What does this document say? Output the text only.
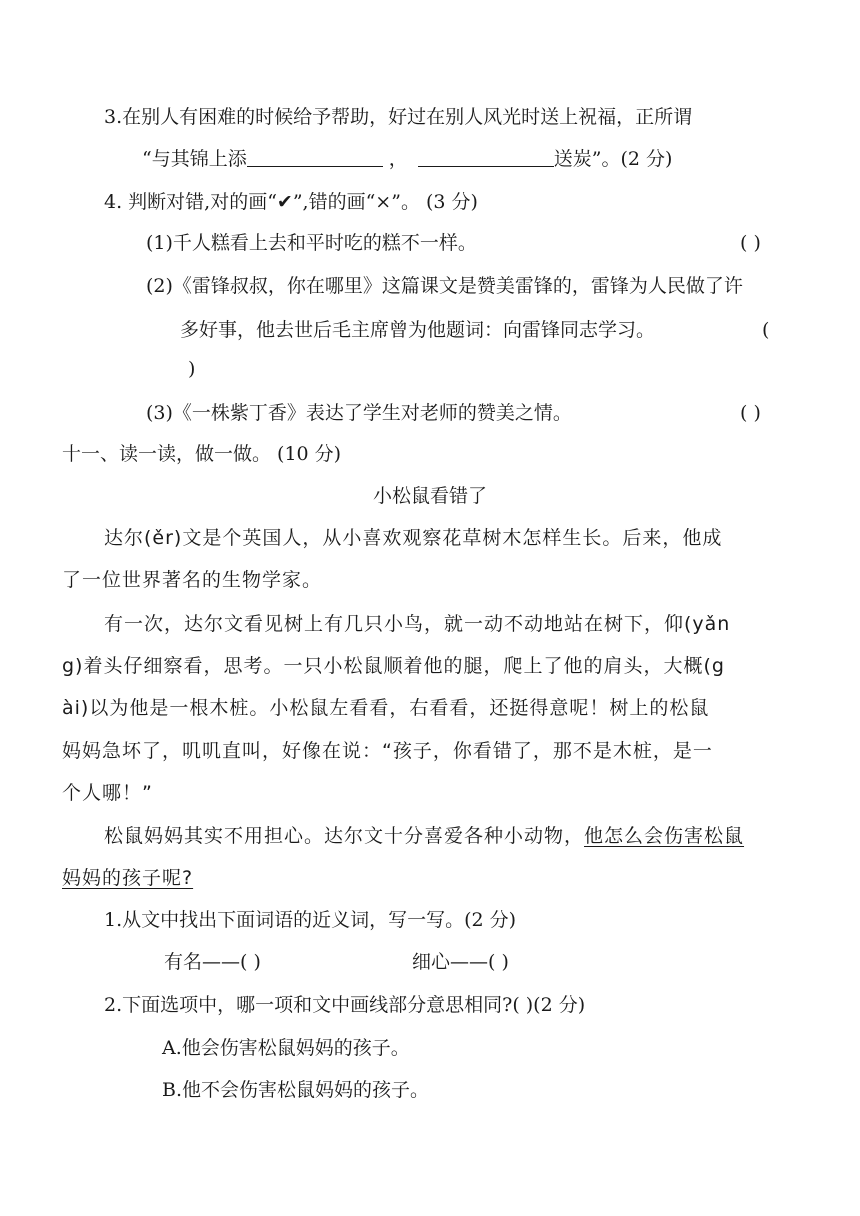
3.在别人有困难的时候给予帮助，好过在别人风光时送上祝福，正所谓
“与其锦上添	，	送炭”。(2 分)
4. 判断对错,对的画“✔”,错的画“×”。 (3 分)
(1)千人糕看上去和平时吃的糕不一样。	( )
(2)《雷锋叔叔，你在哪里》这篇课文是赞美雷锋的，雷锋为人民做了许
多好事，他去世后毛主席曾为他题词：向雷锋同志学习。	(
)
(3)《一株紫丁香》表达了学生对老师的赞美之情。	( )
十一、读一读，做一做。 (10 分)
小松鼠看错了
达尔(ěr)文是个英国人，从小喜欢观察花草树木怎样生长。后来，他成
了一位世界著名的生物学家。
有一次，达尔文看见树上有几只小鸟，就一动不动地站在树下，仰(yǎn
g)着头仔细察看，思考。一只小松鼠顺着他的腿，爬上了他的肩头，大概(g
ài)以为他是一根木桩。小松鼠左看看，右看看，还挺得意呢！树上的松鼠
妈妈急坏了，叽叽直叫，好像在说：“孩子，你看错了，那不是木桩，是一
个人哪！”
松鼠妈妈其实不用担心。达尔文十分喜爱各种小动物，他怎么会伤害松鼠
妈妈的孩子呢?
1.从文中找出下面词语的近义词，写一写。(2 分)
有名——( )	细心——( )
2.下面选项中，哪一项和文中画线部分意思相同?( )(2 分)
A.他会伤害松鼠妈妈的孩子。
B.他不会伤害松鼠妈妈的孩子。
